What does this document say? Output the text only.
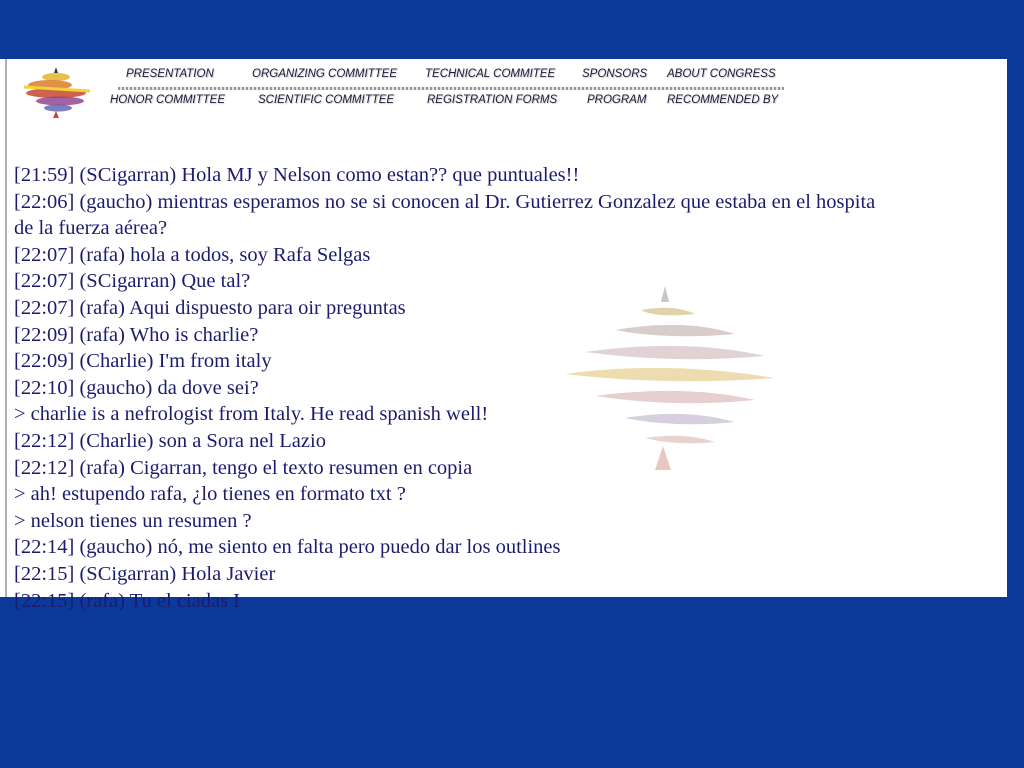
PRESENTATION	ORGANIZING COMMITTEE TECHNICAL COMMITEE SPONSORS ABOUT CONGRESS
HONOR COMMITTEE	SCIENTIFIC COMMITTEE	REGISTRATION FORMS	PROGRAM RECOMMENDED BY
[21:59] (SCigarran) Hola MJ y Nelson como estan?? que puntuales!!
[22:06] (gaucho) mientras esperamos no se si conocen al Dr. Gutierrez Gonzalez que estaba en el hospita
de la fuerza aérea?
[22:07] (rafa) hola a todos, soy Rafa Selgas
[22:07] (SCigarran) Que tal?
[22:07] (rafa) Aqui dispuesto para oir preguntas
[22:09] (rafa) Who is charlie?
[22:09] (Charlie) I'm from italy
[22:10] (gaucho) da dove sei?
> charlie is a nefrologist from Italy. He read spanish well!
[22:12] (Charlie) son a Sora nel Lazio
[22:12] (rafa) Cigarran, tengo el texto resumen en copia
> ah! estupendo rafa, ¿lo tienes en formato txt ?
> nelson tienes un resumen ?
[22:14] (gaucho) nó, me siento en falta pero puedo dar los outlines
[22:15] (SCigarran) Hola Javier
[22:15] (rafa) Tu el ciadas I
